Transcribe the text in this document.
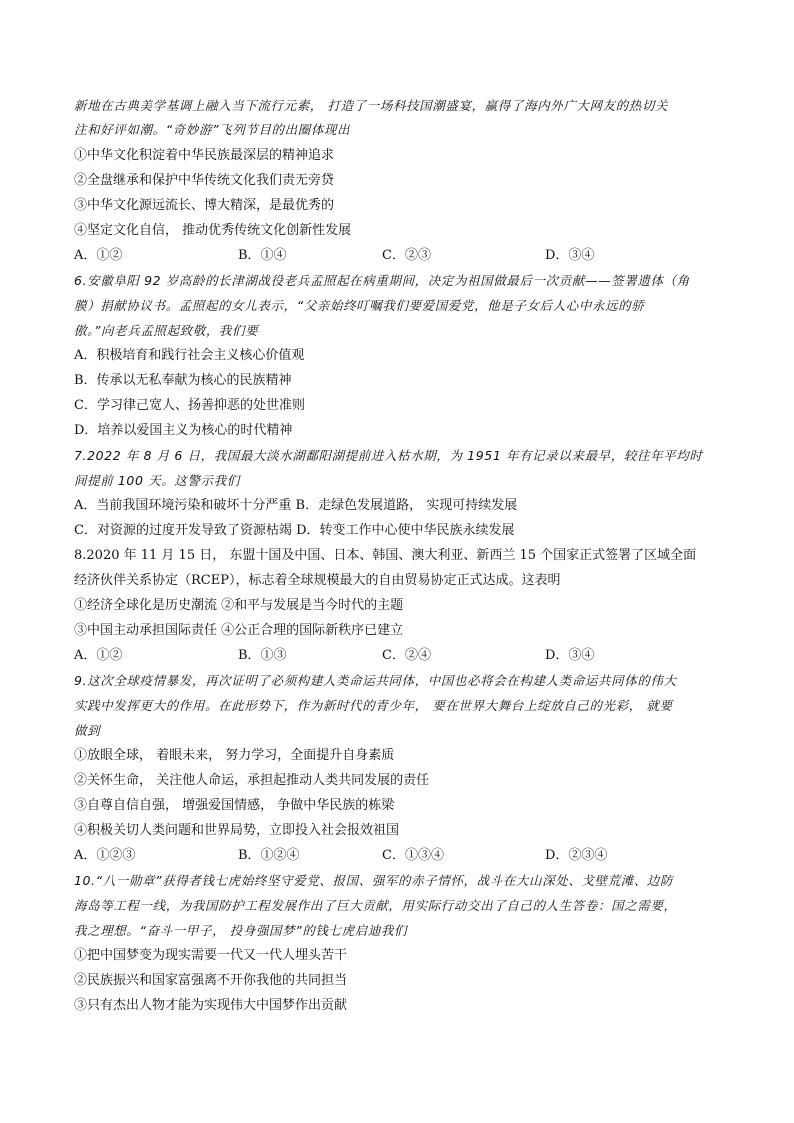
新地在古典美学基调上融入当下流行元素， 打造了一场科技国潮盛宴，赢得了海内外广大网友的热切关
注和好评如潮。“奇妙游”飞列节目的出圈体现出
①中华文化积淀着中华民族最深层的精神追求
②全盘继承和保护中华传统文化我们责无旁贷
③中华文化源远流长、博大精深，是最优秀的
④坚定文化自信， 推动优秀传统文化创新性发展
A．①②	B．①④	C．②③	D．③④
6.安徽阜阳 92 岁高龄的长津湖战役老兵孟照起在病重期间，决定为祖国做最后一次贡献——签署遗体（角
膜）捐献协议书。孟照起的女儿表示，“父亲始终叮嘱我们要爱国爱党，他是子女后人心中永远的骄
傲。”向老兵孟照起致敬，我们要
A．积极培育和践行社会主义核心价值观
B．传承以无私奉献为核心的民族精神
C．学习律己宽人、扬善抑恶的处世准则
D．培养以爱国主义为核心的时代精神
7.2022 年 8 月 6 日，我国最大淡水湖鄱阳湖提前进入枯水期，为 1951 年有记录以来最早，较往年平均时
间提前 100 天。这警示我们
A．当前我国环境污染和破坏十分严重 B．走绿色发展道路， 实现可持续发展
C．对资源的过度开发导致了资源枯竭 D．转变工作中心使中华民族永续发展
8.2020 年 11 月 15 日， 东盟十国及中国、日本、韩国、澳大利亚、新西兰 15 个国家正式签署了区域全面
经济伙伴关系协定（RCEP），标志着全球规模最大的自由贸易协定正式达成。这表明
①经济全球化是历史潮流 ②和平与发展是当今时代的主题
③中国主动承担国际责任 ④公正合理的国际新秩序已建立
A．①②	B．①③	C．②④	D．③④
9.这次全球疫情暴发，再次证明了必须构建人类命运共同体，中国也必将会在构建人类命运共同体的伟大
实践中发挥更大的作用。在此形势下，作为新时代的青少年， 要在世界大舞台上绽放自己的光彩， 就要
做到
①放眼全球， 着眼未来， 努力学习，全面提升自身素质
②关怀生命， 关注他人命运，承担起推动人类共同发展的责任
③自尊自信自强， 增强爱国情感， 争做中华民族的栋梁
④积极关切人类问题和世界局势，立即投入社会报效祖国
A．①②③	B．①②④	C．①③④	D．②③④
10.“八一勋章”获得者钱七虎始终坚守爱党、报国、强军的赤子情怀，战斗在大山深处、戈壁荒滩、边防
海岛等工程一线，为我国防护工程发展作出了巨大贡献，用实际行动交出了自己的人生答卷：国之需要，
我之理想。“奋斗一甲子， 投身强国梦”的钱七虎启迪我们
①把中国梦变为现实需要一代又一代人埋头苦干
②民族振兴和国家富强离不开你我他的共同担当
③只有杰出人物才能为实现伟大中国梦作出贡献
